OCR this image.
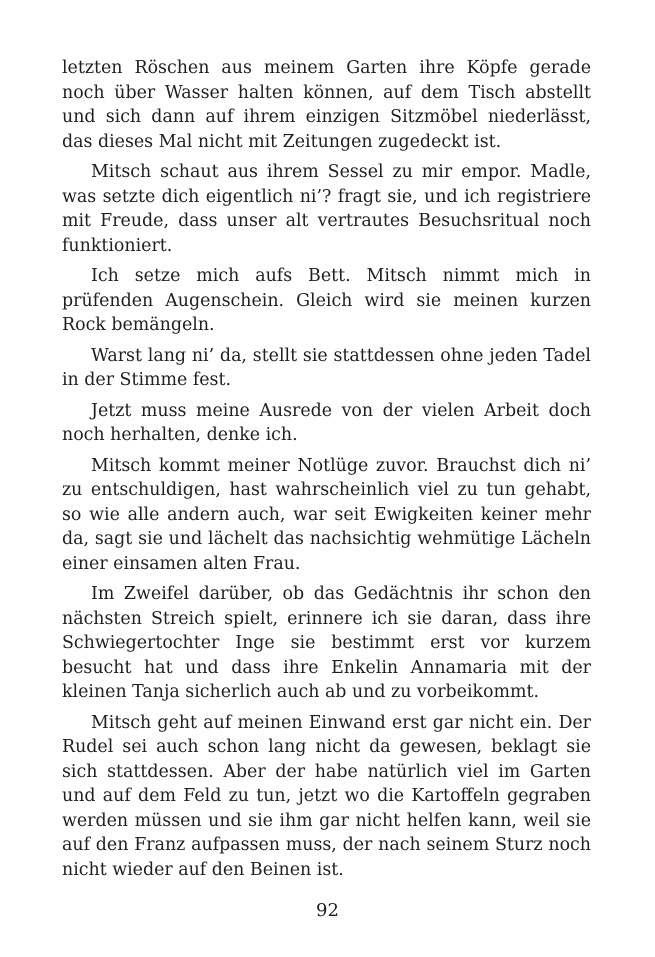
letzten Röschen aus meinem Garten ihre Köpfe gerade noch über Wasser halten können, auf dem Tisch abstellt und sich dann auf ihrem einzigen Sitzmöbel niederlässt, das dieses Mal nicht mit Zeitungen zugedeckt ist.

Mitsch schaut aus ihrem Sessel zu mir empor. Madle, was setzte dich eigentlich ni’? fragt sie, und ich registriere mit Freude, dass unser alt vertrautes Besuchsritual noch funktioniert.

Ich setze mich aufs Bett. Mitsch nimmt mich in prüfenden Augenschein. Gleich wird sie meinen kurzen Rock bemängeln.

Warst lang ni’ da, stellt sie stattdessen ohne jeden Tadel in der Stimme fest.

Jetzt muss meine Ausrede von der vielen Arbeit doch noch herhalten, denke ich.

Mitsch kommt meiner Notlüge zuvor. Brauchst dich ni’ zu entschuldigen, hast wahrscheinlich viel zu tun gehabt, so wie alle andern auch, war seit Ewigkeiten keiner mehr da, sagt sie und lächelt das nachsichtig wehmütige Lächeln einer einsamen alten Frau.

Im Zweifel darüber, ob das Gedächtnis ihr schon den nächsten Streich spielt, erinnere ich sie daran, dass ihre Schwiegertochter Inge sie bestimmt erst vor kurzem besucht hat und dass ihre Enkelin Annamaria mit der kleinen Tanja sicherlich auch ab und zu vorbeikommt.

Mitsch geht auf meinen Einwand erst gar nicht ein. Der Rudel sei auch schon lang nicht da gewesen, beklagt sie sich stattdessen. Aber der habe natürlich viel im Garten und auf dem Feld zu tun, jetzt wo die Kartoffeln gegraben werden müssen und sie ihm gar nicht helfen kann, weil sie auf den Franz aufpassen muss, der nach seinem Sturz noch nicht wieder auf den Beinen ist.

92
